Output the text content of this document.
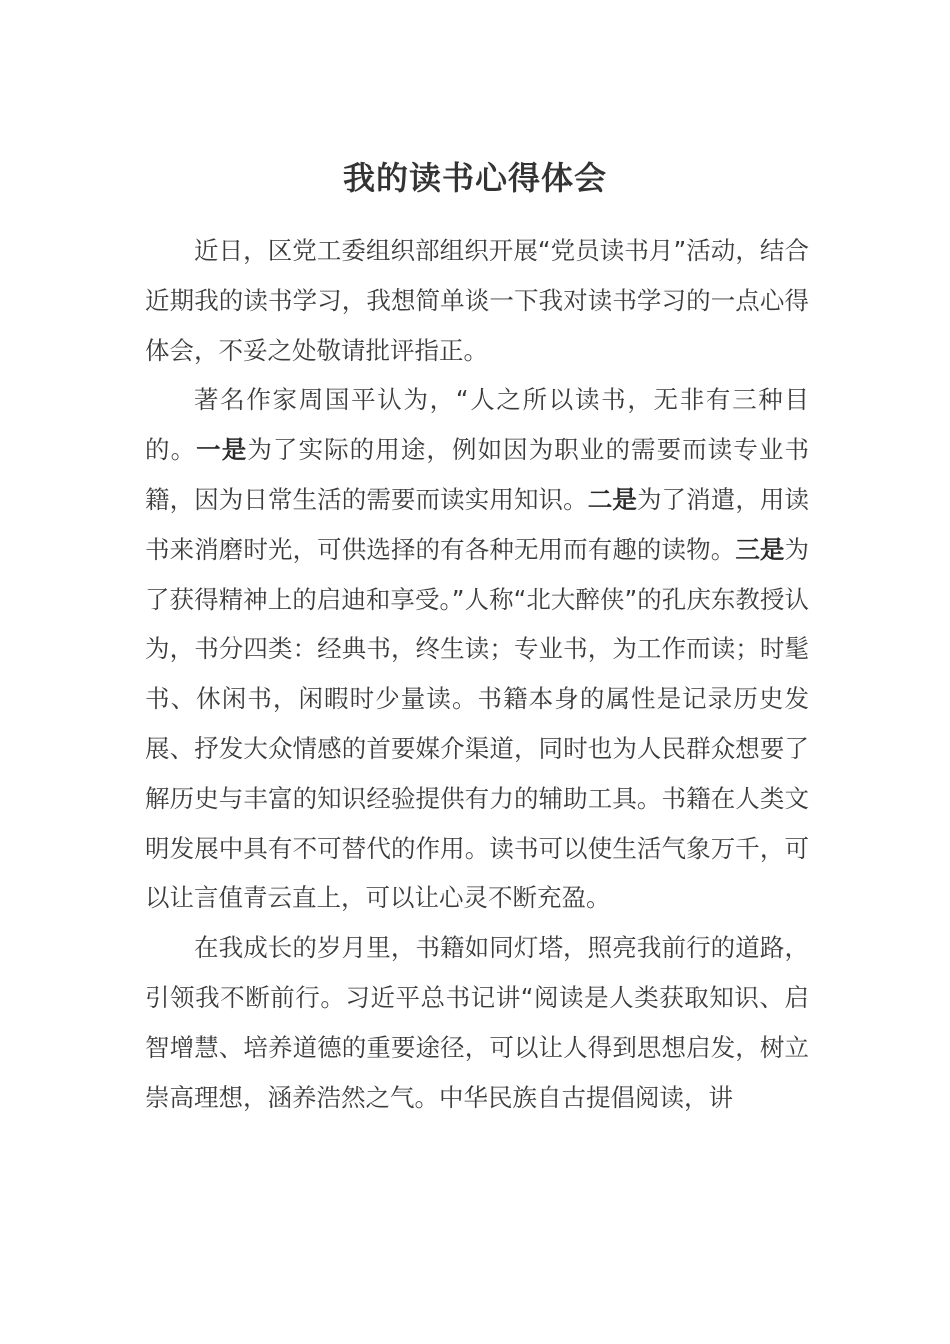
我的读书心得体会

近日，区党工委组织部组织开展“党员读书月”活动，结合近期我的读书学习，我想简单谈一下我对读书学习的一点心得体会，不妥之处敬请批评指正。

著名作家周国平认为，“人之所以读书，无非有三种目的。一是为了实际的用途，例如因为职业的需要而读专业书籍，因为日常生活的需要而读实用知识。二是为了消遣，用读书来消磨时光，可供选择的有各种无用而有趣的读物。三是为了获得精神上的启迪和享受。”人称“北大醉侠”的孔庆东教授认为，书分四类：经典书，终生读；专业书，为工作而读；时髦书、休闲书，闲暇时少量读。书籍本身的属性是记录历史发展、抒发大众情感的首要媒介渠道，同时也为人民群众想要了解历史与丰富的知识经验提供有力的辅助工具。书籍在人类文明发展中具有不可替代的作用。读书可以使生活气象万千，可以让言值青云直上，可以让心灵不断充盈。

在我成长的岁月里，书籍如同灯塔，照亮我前行的道路，引领我不断前行。习近平总书记讲“阅读是人类获取知识、启智增慧、培养道德的重要途径，可以让人得到思想启发，树立崇高理想，涵养浩然之气。中华民族自古提倡阅读，讲
